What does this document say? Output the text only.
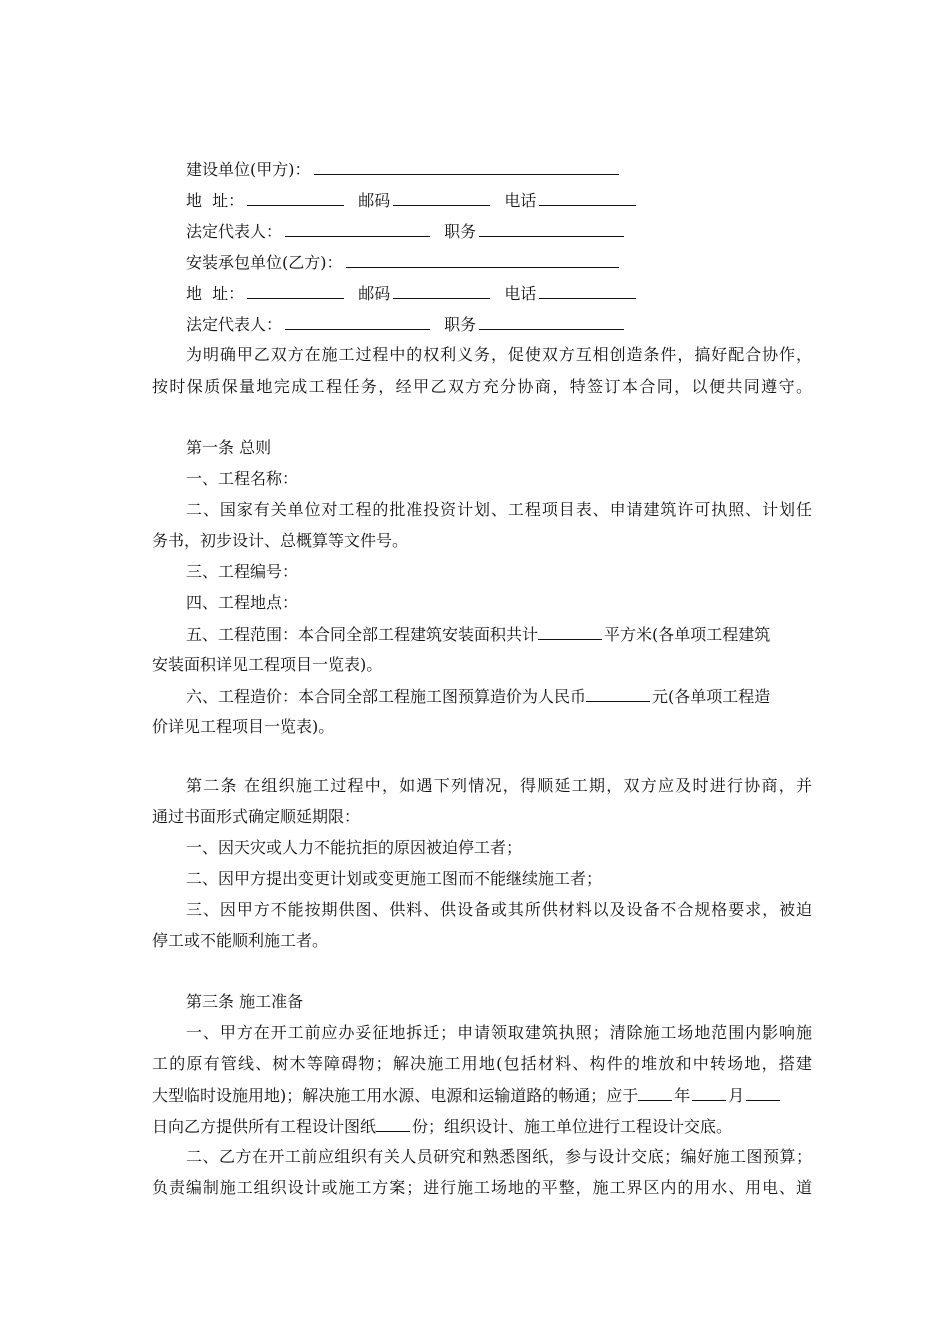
建设单位(甲方)：
地  址：	邮码	电话
法定代表人：	职务
安装承包单位(乙方)：
地  址：	邮码	电话
法定代表人：	职务
为明确甲乙双方在施工过程中的权利义务，促使双方互相创造条件，搞好配合协作，
按时保质保量地完成工程任务，经甲乙双方充分协商，特签订本合同，以便共同遵守。
第一条 总则
一、工程名称：
二、国家有关单位对工程的批准投资计划、工程项目表、申请建筑许可执照、计划任
务书，初步设计、总概算等文件号。
三、工程编号：
四、工程地点：
五、工程范围：本合同全部工程建筑安装面积共计	平方米(各单项工程建筑
安装面积详见工程项目一览表)。
六、工程造价：本合同全部工程施工图预算造价为人民币	元(各单项工程造
价详见工程项目一览表)。
第二条 在组织施工过程中，如遇下列情况，得顺延工期，双方应及时进行协商，并
通过书面形式确定顺延期限：
一、因天灾或人力不能抗拒的原因被迫停工者；
二、因甲方提出变更计划或变更施工图而不能继续施工者；
三、因甲方不能按期供图、供料、供设备或其所供材料以及设备不合规格要求，被迫
停工或不能顺利施工者。
第三条 施工准备
一、甲方在开工前应办妥征地拆迁；申请领取建筑执照；清除施工场地范围内影响施
工的原有管线、树木等障碍物；解决施工用地(包括材料、构件的堆放和中转场地，搭建
大型临时设施用地)；解决施工用水源、电源和运输道路的畅通；应于 年 月
日向乙方提供所有工程设计图纸 份；组织设计、施工单位进行工程设计交底。
二、乙方在开工前应组织有关人员研究和熟悉图纸，参与设计交底；编好施工图预算；
负责编制施工组织设计或施工方案；进行施工场地的平整，施工界区内的用水、用电、道
